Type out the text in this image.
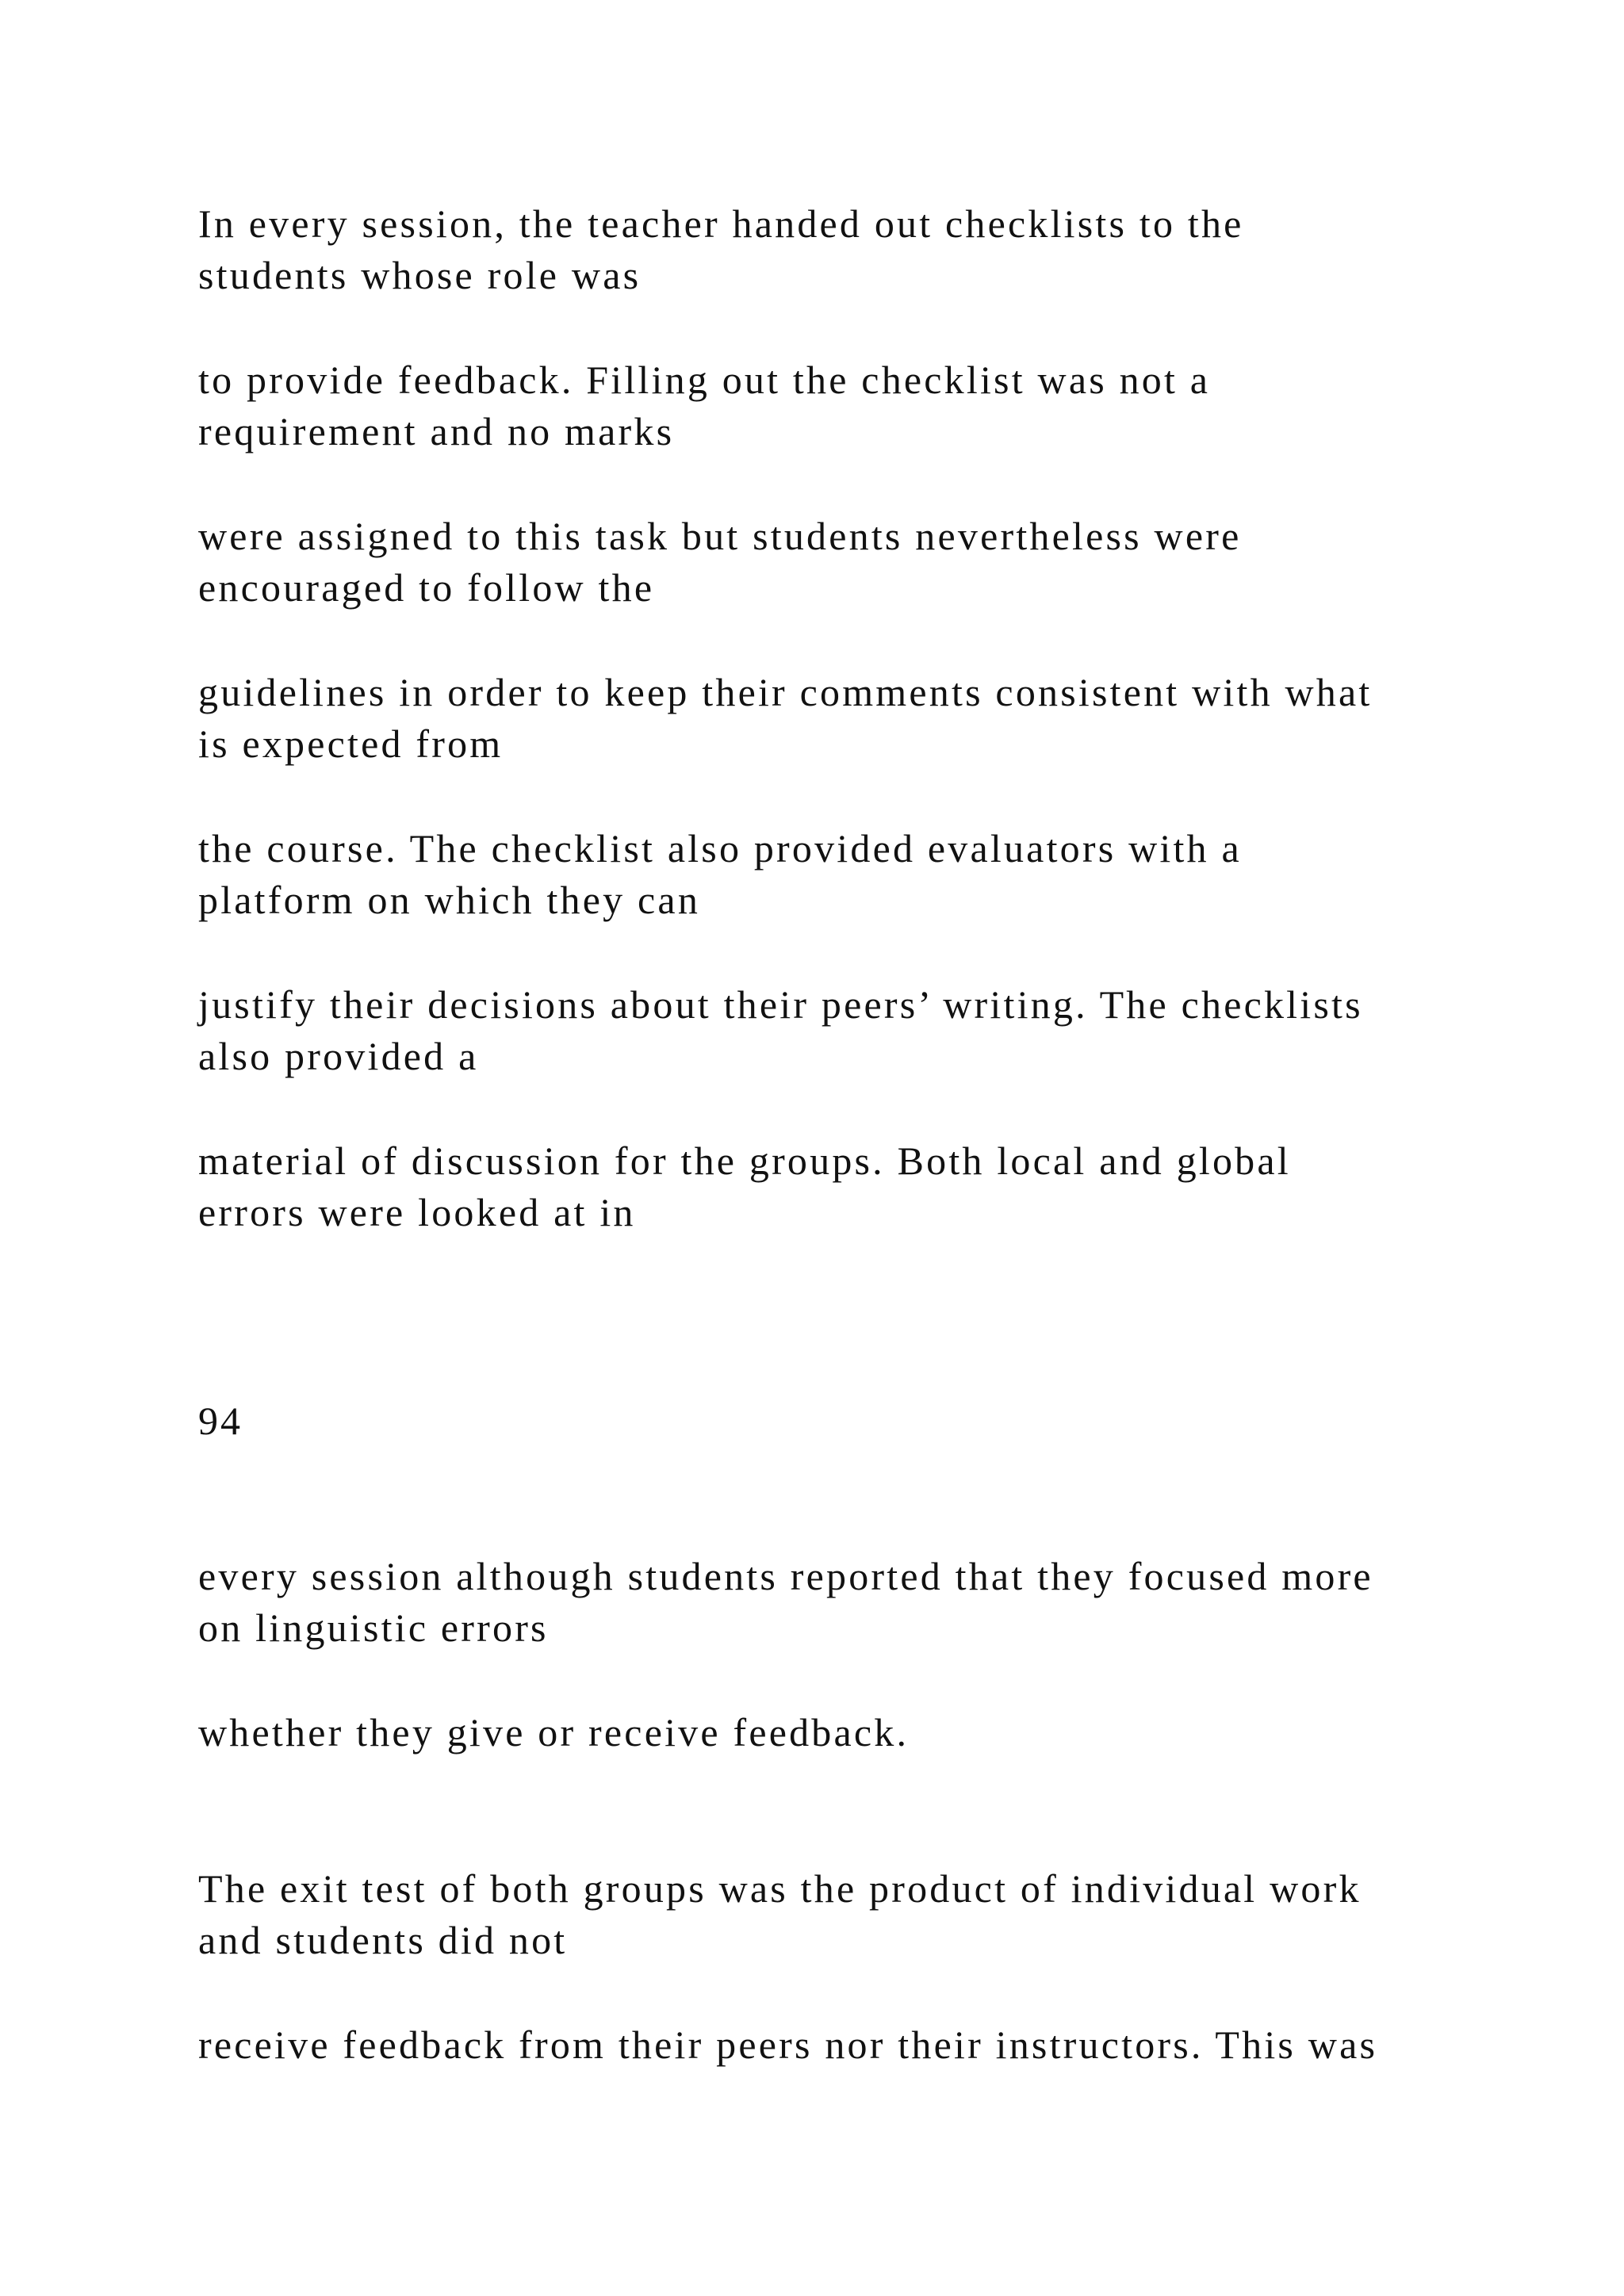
In every session, the teacher handed out checklists to the
students whose role was
to provide feedback. Filling out the checklist was not a
requirement and no marks
were assigned to this task but students nevertheless were
encouraged to follow the
guidelines in order to keep their comments consistent with what
is expected from
the course. The checklist also provided evaluators with a
platform on which they can
justify their decisions about their peers’ writing. The checklists
also provided a
material of discussion for the groups. Both local and global
errors were looked at in
94
every session although students reported that they focused more
on linguistic errors
whether they give or receive feedback.
The exit test of both groups was the product of individual work
and students did not
receive feedback from their peers nor their instructors. This was
